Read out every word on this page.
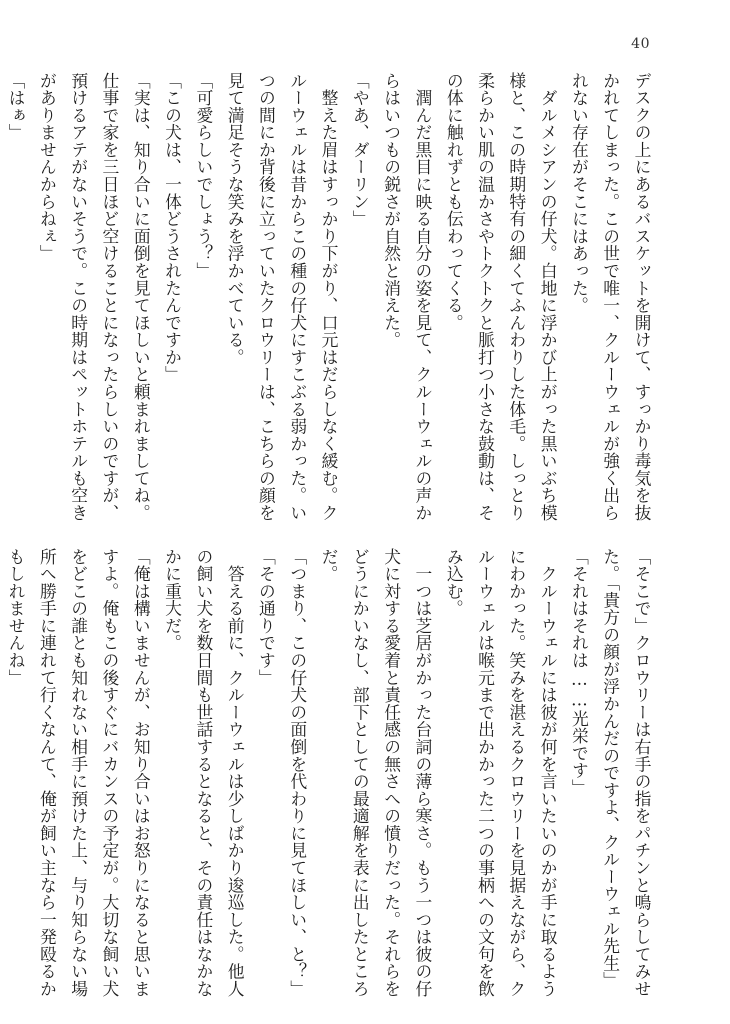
40

デスクの上にあるバスケットを開けて、すっかり毒気を抜

かれてしまった。この世で唯一、クルーウェルが強く出ら

れない存在がそこにはあった。

　ダルメシアンの仔犬。白地に浮かび上がった黒いぶち模

様と、この時期特有の細くてふんわりした体毛。しっとり

柔らかい肌の温かさやトクトクと脈打つ小さな鼓動は、そ

の体に触れずとも伝わってくる。

　潤んだ黒目に映る自分の姿を見て、クルーウェルの声か

らはいつもの鋭さが自然と消えた。

「やあ、ダーリン」

　整えた眉はすっかり下がり、口元はだらしなく緩む。ク

ルーウェルは昔からこの種の仔犬にすこぶる弱かった。い

つの間にか背後に立っていたクロウリーは、こちらの顔を

見て満足そうな笑みを浮かべている。

「可愛らしいでしょう？」

「この犬は、一体どうされたんですか」

「実は、知り合いに面倒を見てほしいと頼まれましてね。

仕事で家を三日ほど空けることになったらしいのですが、

預けるアテがないそうで。この時期はペットホテルも空き

がありませんからねぇ」

「はぁ」

「そこで」クロウリーは右手の指をパチンと鳴らしてみせ

た。「貴方の顔が浮かんだのですよ、クルーウェル先生」

「それはそれは……光栄です」

　クルーウェルには彼が何を言いたいのかが手に取るよう

にわかった。笑みを湛えるクロウリーを見据えながら、ク

ルーウェルは喉元まで出かかった二つの事柄への文句を飲

み込む。

　一つは芝居がかった台詞の薄ら寒さ。もう一つは彼の仔

犬に対する愛着と責任感の無さへの憤りだった。それらを

どうにかいなし、部下としての最適解を表に出したところ

だ。

「つまり、この仔犬の面倒を代わりに見てほしい、と？」

「その通りです」

　答える前に、クルーウェルは少しばかり逡巡した。他人

の飼い犬を数日間も世話するとなると、その責任はなかな

かに重大だ。

「俺は構いませんが、お知り合いはお怒りになると思いま

すよ。俺もこの後すぐにバカンスの予定が。大切な飼い犬

をどこの誰とも知れない相手に預けた上、与り知らない場

所へ勝手に連れて行くなんて、俺が飼い主なら一発殴るか

もしれませんね」
